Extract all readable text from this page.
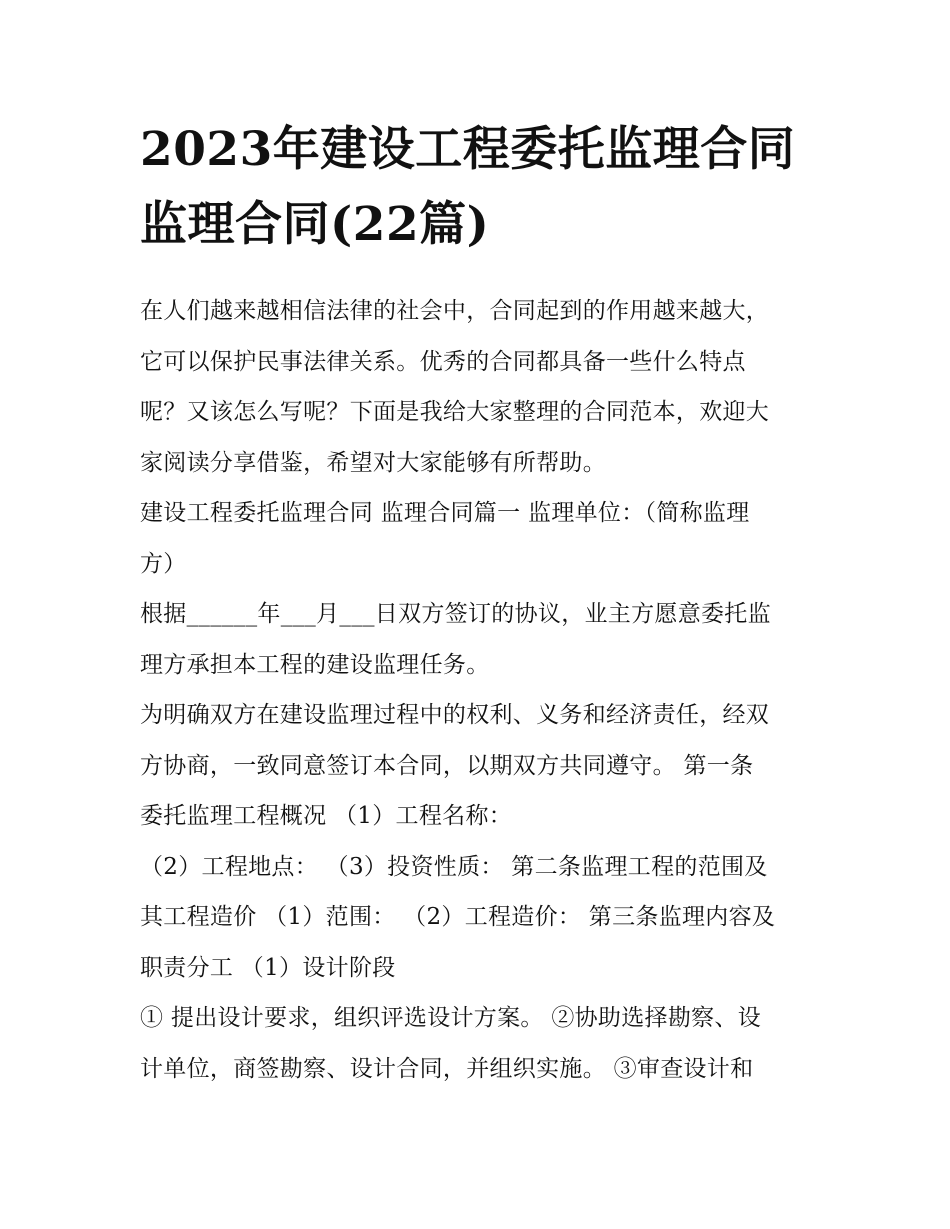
2023年建设工程委托监理合同
监理合同(22篇)

在人们越来越相信法律的社会中，合同起到的作用越来越大，
它可以保护民事法律关系。优秀的合同都具备一些什么特点
呢？又该怎么写呢？下面是我给大家整理的合同范本，欢迎大
家阅读分享借鉴，希望对大家能够有所帮助。

建设工程委托监理合同 监理合同篇一 监理单位：（简称监理
方）

根据______年___月___日双方签订的协议，业主方愿意委托监
理方承担本工程的建设监理任务。

为明确双方在建设监理过程中的权利、义务和经济责任，经双
方协商，一致同意签订本合同，以期双方共同遵守。 第一条
委托监理工程概况 （1）工程名称：

（2）工程地点： （3）投资性质： 第二条监理工程的范围及
其工程造价 （1）范围： （2）工程造价： 第三条监理内容及
职责分工 （1）设计阶段

① 提出设计要求，组织评选设计方案。 ②协助选择勘察、设
计单位，商签勘察、设计合同，并组织实施。 ③审查设计和
